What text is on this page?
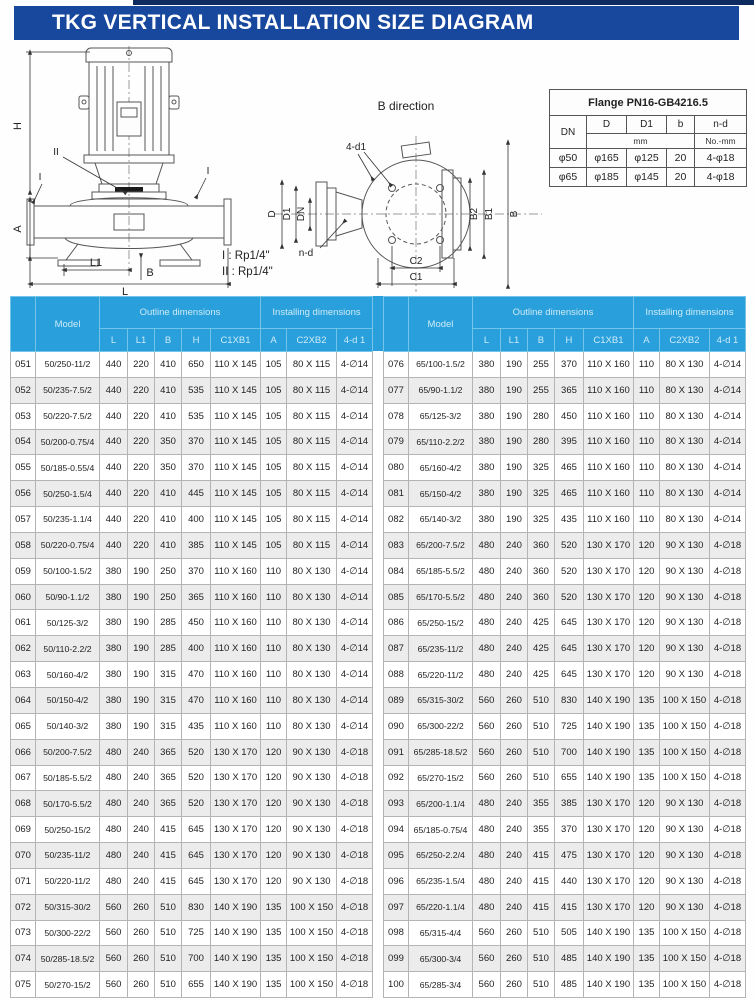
TKG VERTICAL INSTALLATION SIZE DIAGRAM
H
A
L1
L
B
II
I
I
B direction
4-d1
n-d
D D1 DN
C2
C1
B2 B1 B
I : Rp1/4"
II : Rp1/4"
Flange PN16-GB4216.5				
DN	D	D1	b	n-d
	mm			No.-mm
φ50	φ165	φ125	20	4-φ18
φ65	φ185	φ145	20	4-φ18
	Model	Outline dimensions					Installing dimensions		
		L	L1	B	H	C1XB1	A	C2XB2	4-d 1
051	50/250-11/2	440	220	410	650	110 X 145	105	80 X 115	4-∅14
052	50/235-7.5/2	440	220	410	535	110 X 145	105	80 X 115	4-∅14
053	50/220-7.5/2	440	220	410	535	110 X 145	105	80 X 115	4-∅14
054	50/200-0.75/4	440	220	350	370	110 X 145	105	80 X 115	4-∅14
055	50/185-0.55/4	440	220	350	370	110 X 145	105	80 X 115	4-∅14
056	50/250-1.5/4	440	220	410	445	110 X 145	105	80 X 115	4-∅14
057	50/235-1.1/4	440	220	410	400	110 X 145	105	80 X 115	4-∅14
058	50/220-0.75/4	440	220	410	385	110 X 145	105	80 X 115	4-∅14
059	50/100-1.5/2	380	190	250	370	110 X 160	110	80 X 130	4-∅14
060	50/90-1.1/2	380	190	250	365	110 X 160	110	80 X 130	4-∅14
061	50/125-3/2	380	190	285	450	110 X 160	110	80 X 130	4-∅14
062	50/110-2.2/2	380	190	285	400	110 X 160	110	80 X 130	4-∅14
063	50/160-4/2	380	190	315	470	110 X 160	110	80 X 130	4-∅14
064	50/150-4/2	380	190	315	470	110 X 160	110	80 X 130	4-∅14
065	50/140-3/2	380	190	315	435	110 X 160	110	80 X 130	4-∅14
066	50/200-7.5/2	480	240	365	520	130 X 170	120	90 X 130	4-∅18
067	50/185-5.5/2	480	240	365	520	130 X 170	120	90 X 130	4-∅18
068	50/170-5.5/2	480	240	365	520	130 X 170	120	90 X 130	4-∅18
069	50/250-15/2	480	240	415	645	130 X 170	120	90 X 130	4-∅18
070	50/235-11/2	480	240	415	645	130 X 170	120	90 X 130	4-∅18
071	50/220-11/2	480	240	415	645	130 X 170	120	90 X 130	4-∅18
072	50/315-30/2	560	260	510	830	140 X 190	135	100 X 150	4-∅18
073	50/300-22/2	560	260	510	725	140 X 190	135	100 X 150	4-∅18
074	50/285-18.5/2	560	260	510	700	140 X 190	135	100 X 150	4-∅18
075	50/270-15/2	560	260	510	655	140 X 190	135	100 X 150	4-∅18
	Model	Outline dimensions					Installing dimensions		
		L	L1	B	H	C1XB1	A	C2XB2	4-d 1
076	65/100-1.5/2	380	190	255	370	110 X 160	110	80 X 130	4-∅14
077	65/90-1.1/2	380	190	255	365	110 X 160	110	80 X 130	4-∅14
078	65/125-3/2	380	190	280	450	110 X 160	110	80 X 130	4-∅14
079	65/110-2.2/2	380	190	280	395	110 X 160	110	80 X 130	4-∅14
080	65/160-4/2	380	190	325	465	110 X 160	110	80 X 130	4-∅14
081	65/150-4/2	380	190	325	465	110 X 160	110	80 X 130	4-∅14
082	65/140-3/2	380	190	325	435	110 X 160	110	80 X 130	4-∅14
083	65/200-7.5/2	480	240	360	520	130 X 170	120	90 X 130	4-∅18
084	65/185-5.5/2	480	240	360	520	130 X 170	120	90 X 130	4-∅18
085	65/170-5.5/2	480	240	360	520	130 X 170	120	90 X 130	4-∅18
086	65/250-15/2	480	240	425	645	130 X 170	120	90 X 130	4-∅18
087	65/235-11/2	480	240	425	645	130 X 170	120	90 X 130	4-∅18
088	65/220-11/2	480	240	425	645	130 X 170	120	90 X 130	4-∅18
089	65/315-30/2	560	260	510	830	140 X 190	135	100 X 150	4-∅18
090	65/300-22/2	560	260	510	725	140 X 190	135	100 X 150	4-∅18
091	65/285-18.5/2	560	260	510	700	140 X 190	135	100 X 150	4-∅18
092	65/270-15/2	560	260	510	655	140 X 190	135	100 X 150	4-∅18
093	65/200-1.1/4	480	240	355	385	130 X 170	120	90 X 130	4-∅18
094	65/185-0.75/4	480	240	355	370	130 X 170	120	90 X 130	4-∅18
095	65/250-2.2/4	480	240	415	475	130 X 170	120	90 X 130	4-∅18
096	65/235-1.5/4	480	240	415	440	130 X 170	120	90 X 130	4-∅18
097	65/220-1.1/4	480	240	415	415	130 X 170	120	90 X 130	4-∅18
098	65/315-4/4	560	260	510	505	140 X 190	135	100 X 150	4-∅18
099	65/300-3/4	560	260	510	485	140 X 190	135	100 X 150	4-∅18
100	65/285-3/4	560	260	510	485	140 X 190	135	100 X 150	4-∅18
